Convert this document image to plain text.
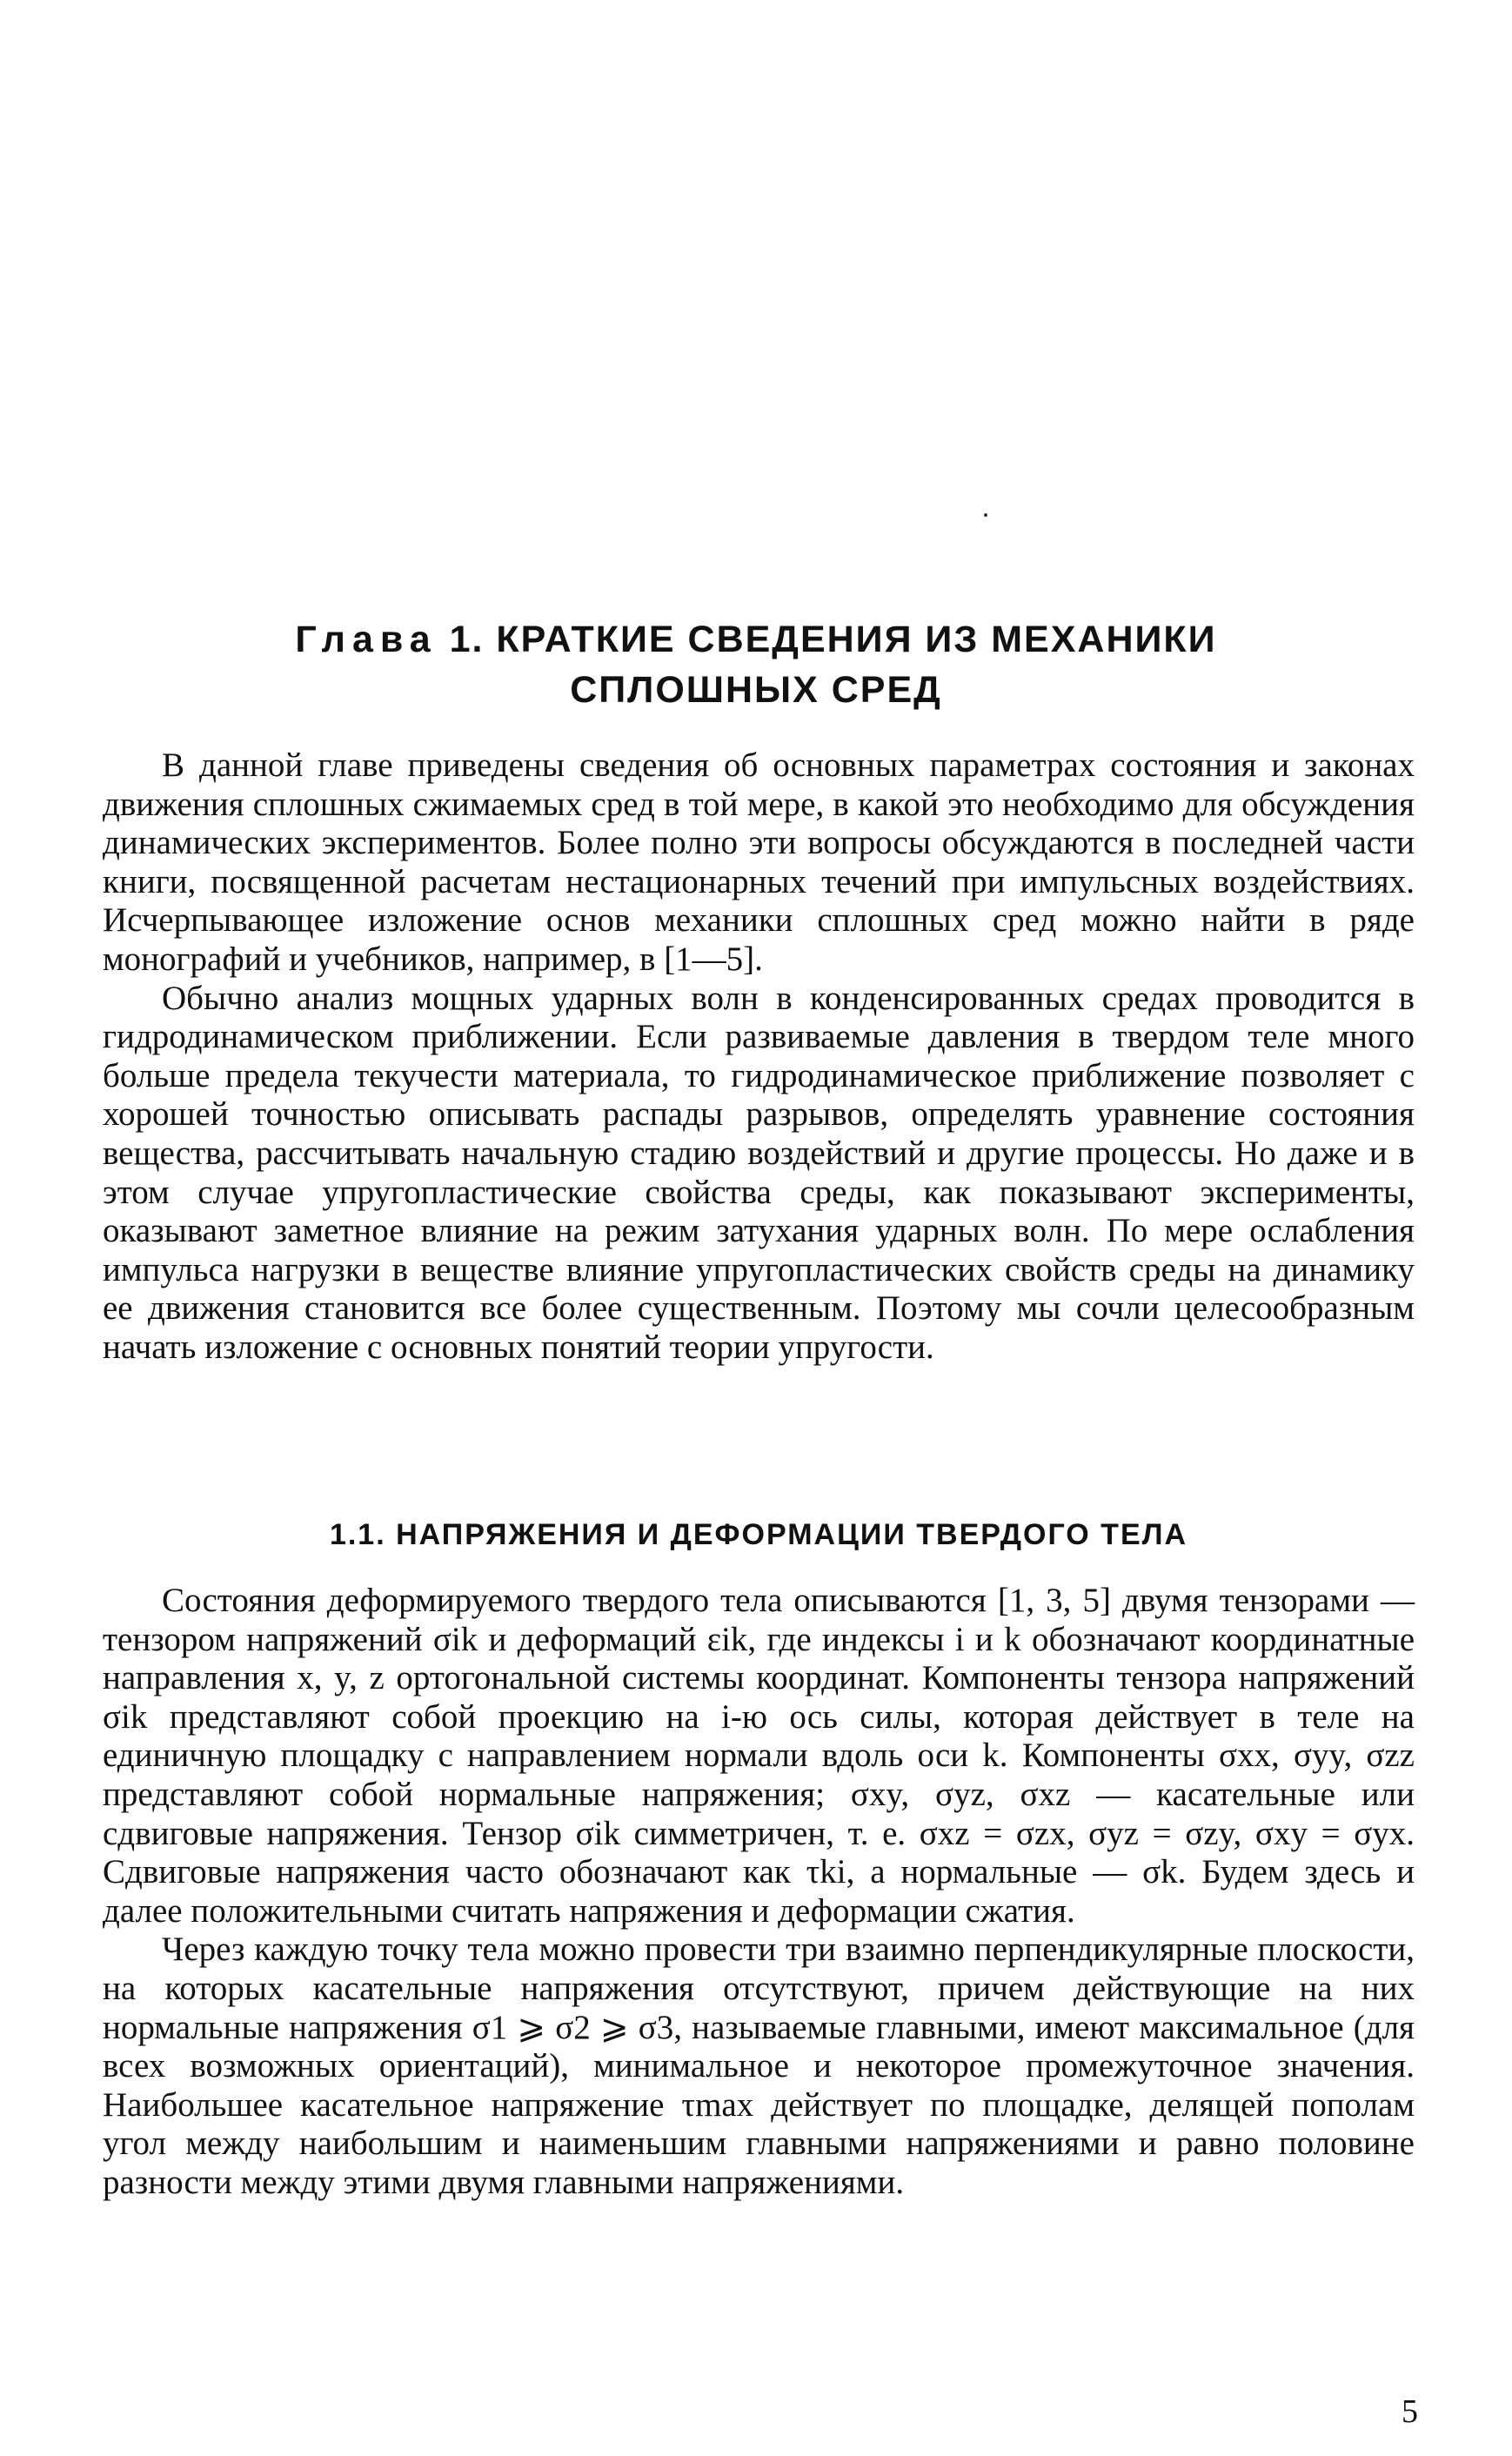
Глава 1. КРАТКИЕ СВЕДЕНИЯ ИЗ МЕХАНИКИ
СПЛОШНЫХ СРЕД

В данной главе приведены сведения об основных параметрах состояния и законах движения сплошных сжимаемых сред в той мере, в какой это необходимо для обсуждения динамических экспериментов. Более полно эти вопросы обсуждаются в последней части книги, посвященной расчетам нестационарных течений при импульсных воздействиях. Исчерпывающее изложение основ механики сплошных сред можно найти в ряде монографий и учебников, например, в [1—5].

Обычно анализ мощных ударных волн в конденсированных средах проводится в гидродинамическом приближении. Если развиваемые давления в твердом теле много больше предела текучести материала, то гидродинамическое приближение позволяет с хорошей точностью описывать распады разрывов, определять уравнение состояния вещества, рассчитывать начальную стадию воздействий и другие процессы. Но даже и в этом случае упругопластические свойства среды, как показывают эксперименты, оказывают заметное влияние на режим затухания ударных волн. По мере ослабления импульса нагрузки в веществе влияние упругопластических свойств среды на динамику ее движения становится все более существенным. Поэтому мы сочли целесообразным начать изложение с основных понятий теории упругости.

1.1. НАПРЯЖЕНИЯ И ДЕФОРМАЦИИ ТВЕРДОГО ТЕЛА

Состояния деформируемого твердого тела описываются [1, 3, 5] двумя тензорами — тензором напряжений σik и деформаций εik, где индексы i и k обозначают координатные направления x, y, z ортогональной системы координат. Компоненты тензора напряжений σik представляют собой проекцию на i-ю ось силы, которая действует в теле на единичную площадку с направлением нормали вдоль оси k. Компоненты σxx, σyy, σzz представляют собой нормальные напряжения; σxy, σyz, σxz — касательные или сдвиговые напряжения. Тензор σik симметричен, т. е. σxz = σzx, σyz = σzy, σxy = σyx. Сдвиговые напряжения часто обозначают как τki, а нормальные — σk. Будем здесь и далее положительными считать напряжения и деформации сжатия.

Через каждую точку тела можно провести три взаимно перпендикулярные плоскости, на которых касательные напряжения отсутствуют, причем действующие на них нормальные напряжения σ1 ⩾ σ2 ⩾ σ3, называемые главными, имеют максимальное (для всех возможных ориентаций), минимальное и некоторое промежуточное значения. Наибольшее касательное напряжение τmax действует по площадке, делящей пополам угол между наибольшим и наименьшим главными напряжениями и равно половине разности между этими двумя главными напряжениями.

5
